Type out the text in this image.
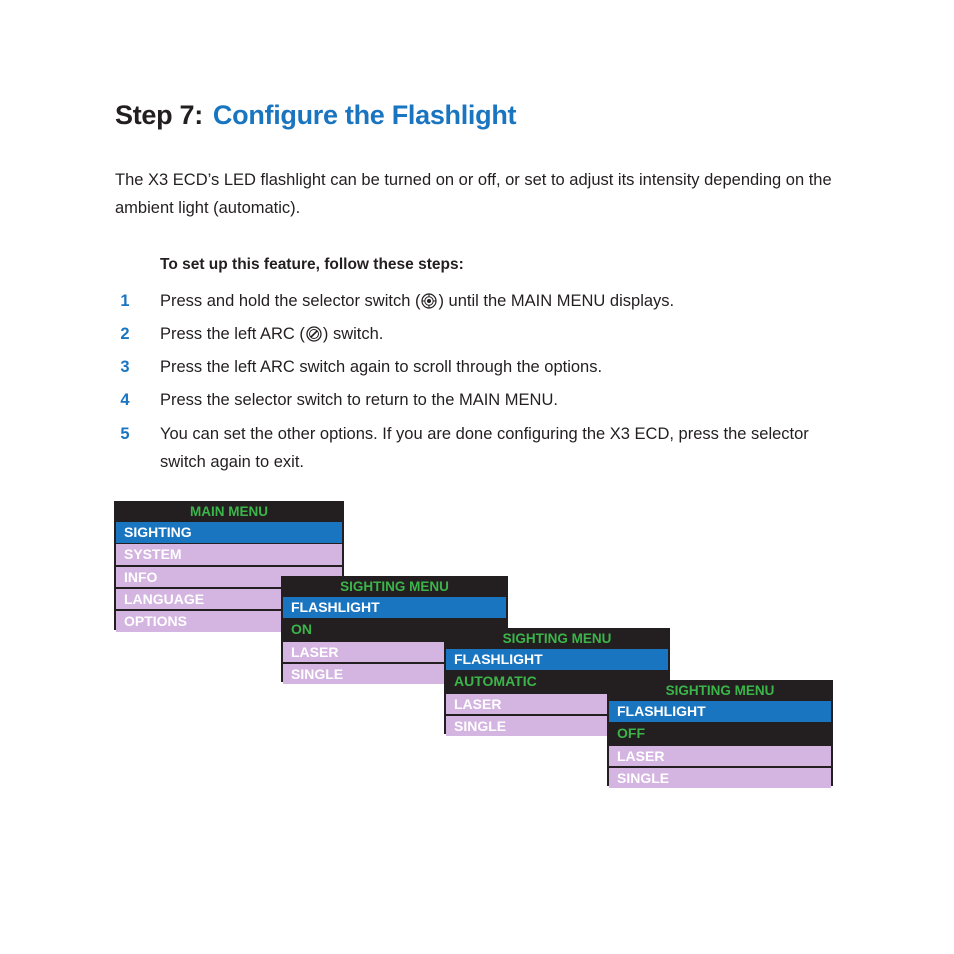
Step 7: Configure the Flashlight
The X3 ECD’s LED flashlight can be turned on or off, or set to adjust its intensity depending on the ambient light (automatic).
To set up this feature, follow these steps:
1	Press and hold the selector switch ( ) until the MAIN MENU displays.
2	Press the left ARC ( ) switch.
3	Press the left ARC switch again to scroll through the options.
4	Press the selector switch to return to the MAIN MENU.
5	You can set the other options. If you are done configuring the X3 ECD, press the selector switch again to exit.
MAIN MENU
SIGHTING
SYSTEM
INFO
LANGUAGE
OPTIONS
SIGHTING MENU
FLASHLIGHT
ON
LASER
SINGLE
SIGHTING MENU
FLASHLIGHT
AUTOMATIC
LASER
SINGLE
SIGHTING MENU
FLASHLIGHT
OFF
LASER
SINGLE
